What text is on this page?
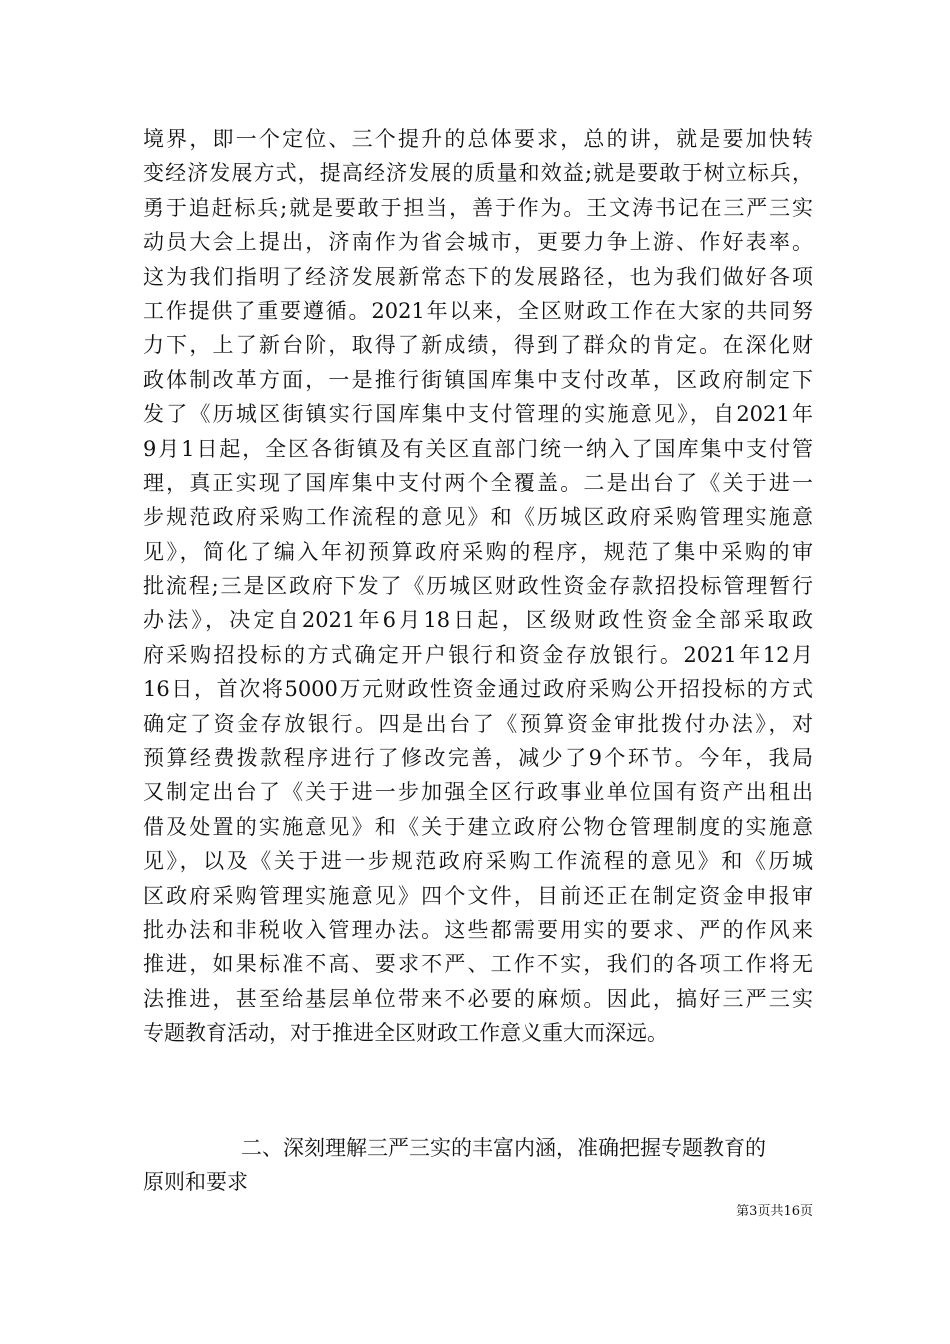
境界，即一个定位、三个提升的总体要求，总的讲，就是要加快转
变经济发展方式，提高经济发展的质量和效益;就是要敢于树立标兵，
勇于追赶标兵;就是要敢于担当，善于作为。王文涛书记在三严三实
动员大会上提出，济南作为省会城市，更要力争上游、作好表率。
这为我们指明了经济发展新常态下的发展路径，也为我们做好各项
工作提供了重要遵循。2021年以来，全区财政工作在大家的共同努
力下，上了新台阶，取得了新成绩，得到了群众的肯定。在深化财
政体制改革方面，一是推行街镇国库集中支付改革，区政府制定下
发了《历城区街镇实行国库集中支付管理的实施意见》，自2021年
9月1日起，全区各街镇及有关区直部门统一纳入了国库集中支付管
理，真正实现了国库集中支付两个全覆盖。二是出台了《关于进一
步规范政府采购工作流程的意见》和《历城区政府采购管理实施意
见》，简化了编入年初预算政府采购的程序，规范了集中采购的审
批流程;三是区政府下发了《历城区财政性资金存款招投标管理暂行
办法》，决定自2021年6月18日起，区级财政性资金全部采取政
府采购招投标的方式确定开户银行和资金存放银行。2021年12月
16日，首次将5000万元财政性资金通过政府采购公开招投标的方式
确定了资金存放银行。四是出台了《预算资金审批拨付办法》，对
预算经费拨款程序进行了修改完善，减少了9个环节。今年，我局
又制定出台了《关于进一步加强全区行政事业单位国有资产出租出
借及处置的实施意见》和《关于建立政府公物仓管理制度的实施意
见》，以及《关于进一步规范政府采购工作流程的意见》和《历城
区政府采购管理实施意见》四个文件，目前还正在制定资金申报审
批办法和非税收入管理办法。这些都需要用实的要求、严的作风来
推进，如果标准不高、要求不严、工作不实，我们的各项工作将无
法推进，甚至给基层单位带来不必要的麻烦。因此，搞好三严三实
专题教育活动，对于推进全区财政工作意义重大而深远。
二、深刻理解三严三实的丰富内涵，准确把握专题教育的
原则和要求
第3页共16页
